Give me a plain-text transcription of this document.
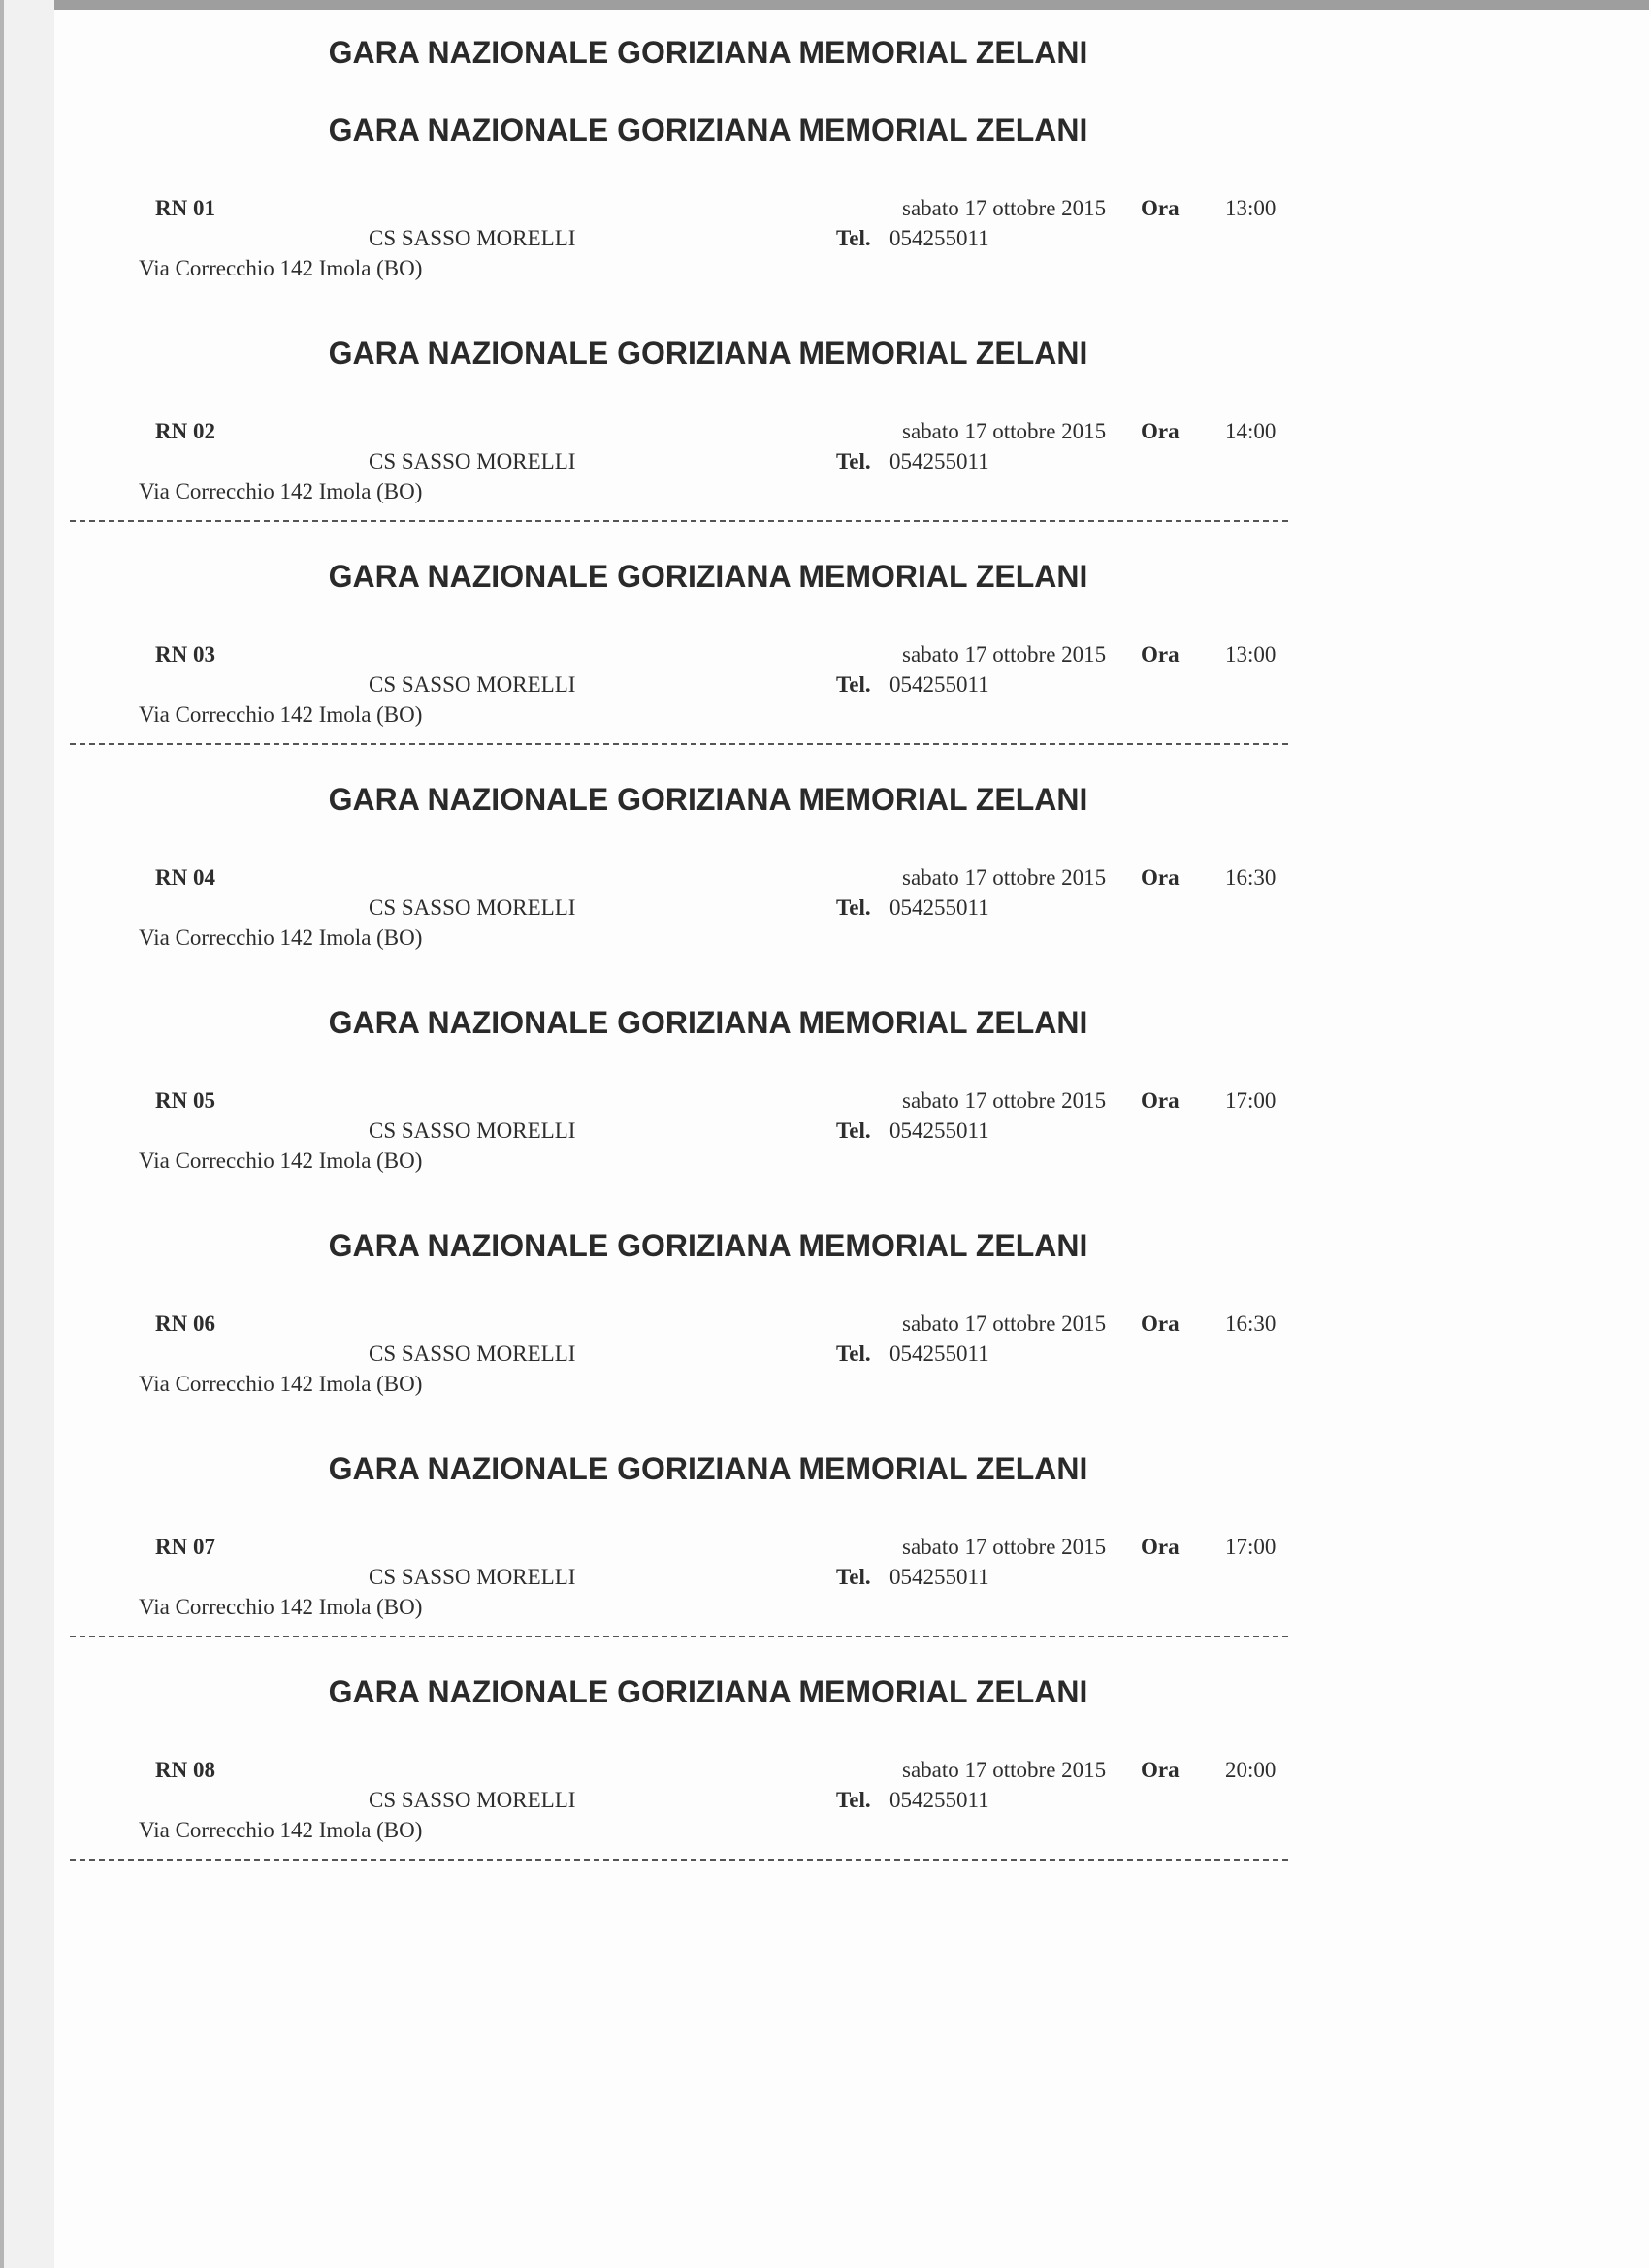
GARA NAZIONALE GORIZIANA MEMORIAL ZELANI
GARA NAZIONALE GORIZIANA MEMORIAL ZELANI
RN 01	sabato 17 ottobre 2015 Ora 13:00
CS SASSO MORELLI	Tel. 054255011
Via Correcchio 142 Imola (BO)
GARA NAZIONALE GORIZIANA MEMORIAL ZELANI
RN 02	sabato 17 ottobre 2015 Ora 14:00
CS SASSO MORELLI	Tel. 054255011
Via Correcchio 142 Imola (BO)
GARA NAZIONALE GORIZIANA MEMORIAL ZELANI
RN 03	sabato 17 ottobre 2015 Ora 13:00
CS SASSO MORELLI	Tel. 054255011
Via Correcchio 142 Imola (BO)
GARA NAZIONALE GORIZIANA MEMORIAL ZELANI
RN 04	sabato 17 ottobre 2015 Ora 16:30
CS SASSO MORELLI	Tel. 054255011
Via Correcchio 142 Imola (BO)
GARA NAZIONALE GORIZIANA MEMORIAL ZELANI
RN 05	sabato 17 ottobre 2015 Ora 17:00
CS SASSO MORELLI	Tel. 054255011
Via Correcchio 142 Imola (BO)
GARA NAZIONALE GORIZIANA MEMORIAL ZELANI
RN 06	sabato 17 ottobre 2015 Ora 16:30
CS SASSO MORELLI	Tel. 054255011
Via Correcchio 142 Imola (BO)
GARA NAZIONALE GORIZIANA MEMORIAL ZELANI
RN 07	sabato 17 ottobre 2015 Ora 17:00
CS SASSO MORELLI	Tel. 054255011
Via Correcchio 142 Imola (BO)
GARA NAZIONALE GORIZIANA MEMORIAL ZELANI
RN 08	sabato 17 ottobre 2015 Ora 20:00
CS SASSO MORELLI	Tel. 054255011
Via Correcchio 142 Imola (BO)
